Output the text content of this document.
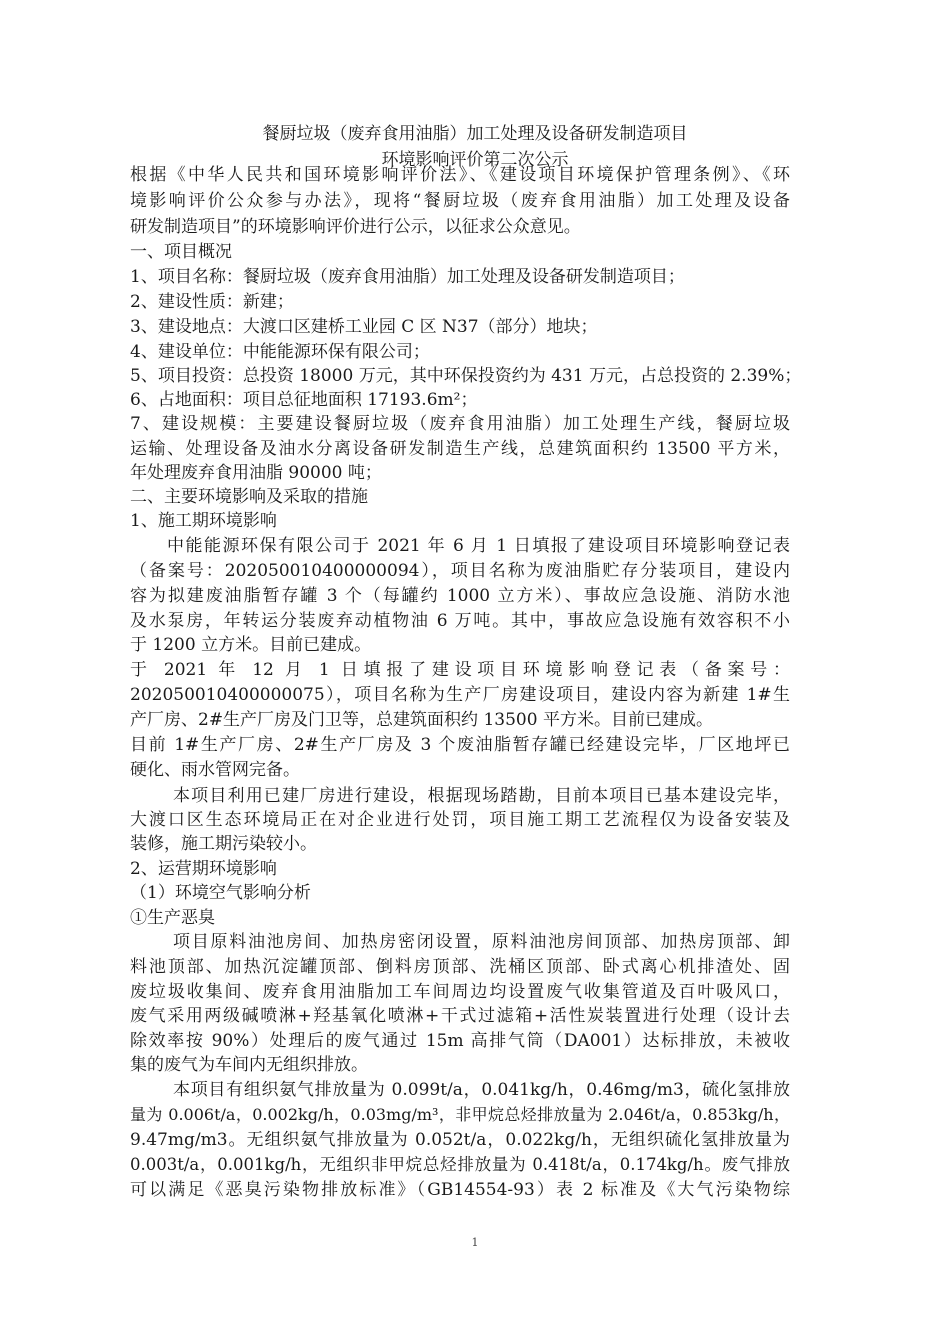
餐厨垃圾（废弃食用油脂）加工处理及设备研发制造项目
环境影响评价第二次公示
根据《中华人民共和国环境影响评价法》、《建设项目环境保护管理条例》、《环
境影响评价公众参与办法》，现将“餐厨垃圾（废弃食用油脂）加工处理及设备
研发制造项目”的环境影响评价进行公示，以征求公众意见。
一、项目概况
1、项目名称：餐厨垃圾（废弃食用油脂）加工处理及设备研发制造项目；
2、建设性质：新建；
3、建设地点：大渡口区建桥工业园 C 区 N37（部分）地块；
4、建设单位：中能能源环保有限公司；
5、项目投资：总投资 18000 万元，其中环保投资约为 431 万元，占总投资的 2.39%；
6、占地面积：项目总征地面积 17193.6m²；
7、建设规模：主要建设餐厨垃圾（废弃食用油脂）加工处理生产线，餐厨垃圾
运输、处理设备及油水分离设备研发制造生产线，总建筑面积约 13500 平方米，
年处理废弃食用油脂 90000 吨；
二、主要环境影响及采取的措施
1、施工期环境影响
中能能源环保有限公司于 2021 年 6 月 1 日填报了建设项目环境影响登记表
（备案号：202050010400000094），项目名称为废油脂贮存分装项目，建设内
容为拟建废油脂暂存罐 3 个（每罐约 1000 立方米）、事故应急设施、消防水池
及水泵房，年转运分装废弃动植物油 6 万吨。其中，事故应急设施有效容积不小
于 1200 立方米。目前已建成。
于 2021 年 12 月 1 日填报了建设项目环境影响登记表（备案号：
202050010400000075），项目名称为生产厂房建设项目，建设内容为新建 1#生
产厂房、2#生产厂房及门卫等，总建筑面积约 13500 平方米。目前已建成。
目前 1#生产厂房、2#生产厂房及 3 个废油脂暂存罐已经建设完毕，厂区地坪已
硬化、雨水管网完备。
本项目利用已建厂房进行建设，根据现场踏勘，目前本项目已基本建设完毕，
大渡口区生态环境局正在对企业进行处罚，项目施工期工艺流程仅为设备安装及
装修，施工期污染较小。
2、运营期环境影响
（1）环境空气影响分析
①生产恶臭
项目原料油池房间、加热房密闭设置，原料油池房间顶部、加热房顶部、卸
料池顶部、加热沉淀罐顶部、倒料房顶部、洗桶区顶部、卧式离心机排渣处、固
废垃圾收集间、废弃食用油脂加工车间周边均设置废气收集管道及百叶吸风口，
废气采用两级碱喷淋+羟基氧化喷淋+干式过滤箱+活性炭装置进行处理（设计去
除效率按 90%）处理后的废气通过 15m 高排气筒（DA001）达标排放，未被收
集的废气为车间内无组织排放。
本项目有组织氨气排放量为 0.099t/a，0.041kg/h，0.46mg/m3，硫化氢排放
量为 0.006t/a，0.002kg/h，0.03mg/m³，非甲烷总烃排放量为 2.046t/a，0.853kg/h，
9.47mg/m3。无组织氨气排放量为 0.052t/a，0.022kg/h，无组织硫化氢排放量为
0.003t/a，0.001kg/h，无组织非甲烷总烃排放量为 0.418t/a，0.174kg/h。废气排放
可以满足《恶臭污染物排放标准》（GB14554-93）表 2 标准及《大气污染物综
1
